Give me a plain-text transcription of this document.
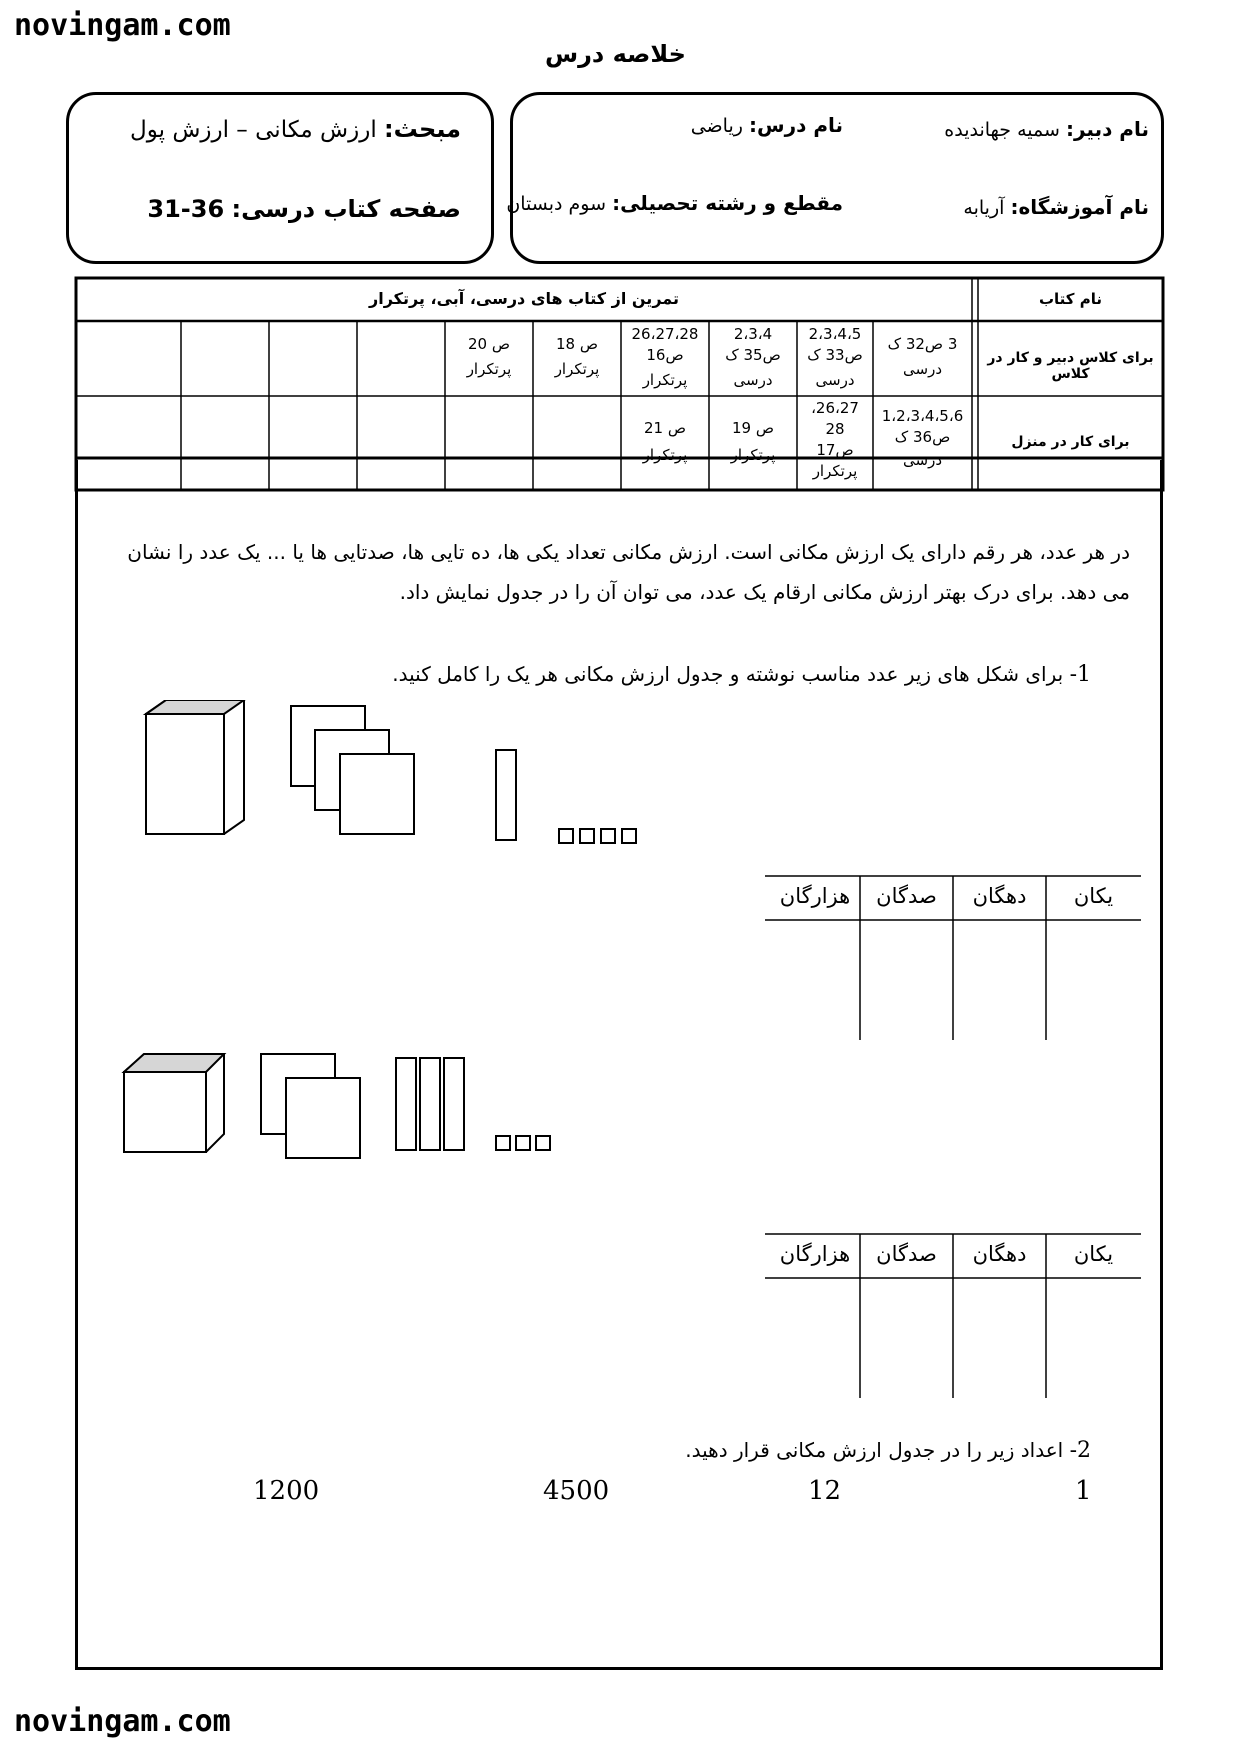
novingam.com
novingam.com
خلاصه درس
مبحث: ارزش مکانی – ارزش پول
صفحه کتاب درسی: 36-31
نام دبیر: سمیه جهاندیده
نام درس: ریاضی
نام آموزشگاه: آریابه
مقطع و رشته تحصیلی: سوم دبستان
نام کتاب
تمرین از کتاب های درسی، آبی، پرتکرار
برای کلاس دبیر و کار در کلاس
برای کار در منزل
3 ص32 ک
درسی
2،3،4،5
ص33 ک
درسی
2،3،4
ص35 ک
درسی
26،27،28
ص16
پرتکرار
ص 18
پرتکرار
ص 20
پرتکرار
1،2،3،4،5،6
ص36 ک
درسی
26،27،
28
ص17
پرتکرار
ص 19
پرتکرار
ص 21
پرتکرار
در هر عدد، هر رقم دارای یک ارزش مکانی است. ارزش مکانی تعداد یکی ها، ده تایی ها، صدتایی ها یا ... یک عدد را نشان
می دهد. برای درک بهتر ارزش مکانی ارقام یک عدد، می توان آن را در جدول نمایش داد.
1- برای شکل های زیر عدد مناسب نوشته و جدول ارزش مکانی هر یک را کامل کنید.
یکان
دهگان
صدگان
هزارگان
یکان
دهگان
صدگان
هزارگان
2- اعداد زیر را در جدول ارزش مکانی قرار دهید.
1
12
4500
1200
